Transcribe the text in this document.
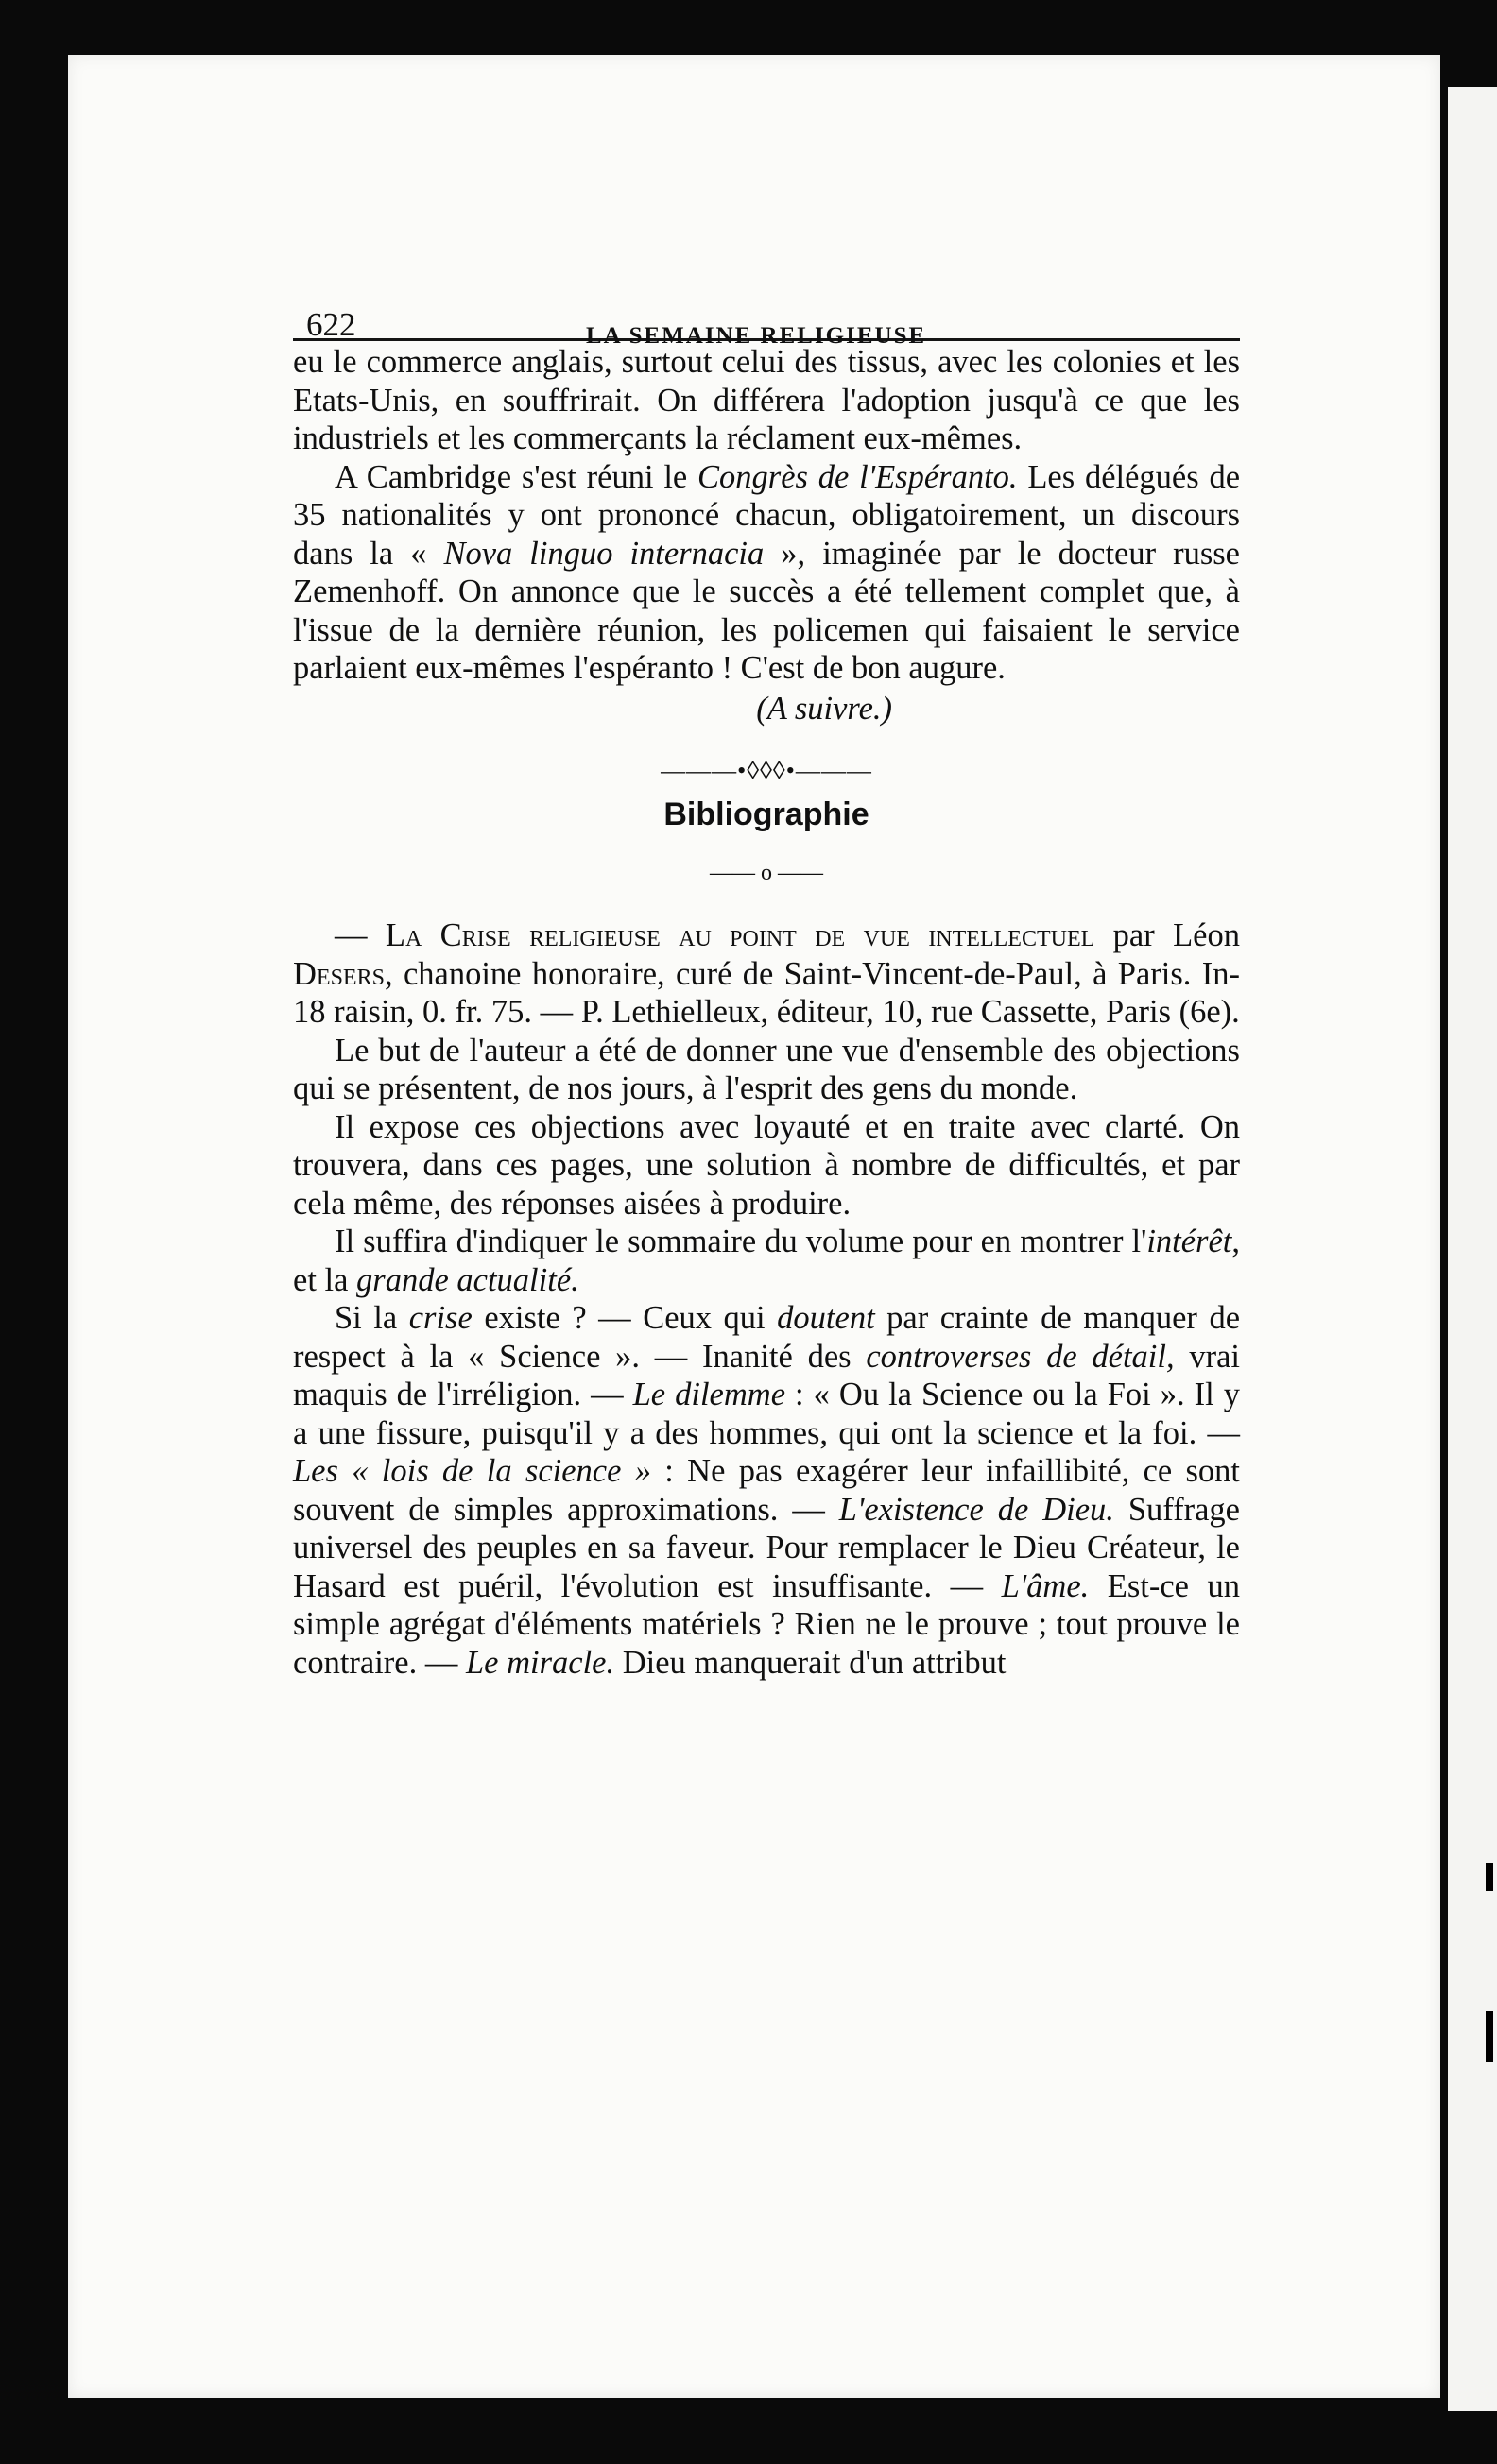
622	LA SEMAINE RELIGIEUSE

eu le commerce anglais, surtout celui des tissus, avec les colonies et les Etats-Unis, en souffrirait. On différera l'adoption jusqu'à ce que les industriels et les commerçants la réclament eux-mêmes.

A Cambridge s'est réuni le Congrès de l'Espéranto. Les délégués de 35 nationalités y ont prononcé chacun, obligatoirement, un discours dans la « Nova linguo internacia », imaginée par le docteur russe Zemenhoff. On annonce que le succès a été tellement complet que, à l'issue de la dernière réunion, les policemen qui faisaient le service parlaient eux-mêmes l'espéranto ! C'est de bon augure.

(A suivre.)

———•◊◊◊•———
Bibliographie
—— o ——

— La Crise religieuse au point de vue intellectuel par Léon Desers, chanoine honoraire, curé de Saint-Vincent-de-Paul, à Paris. In-18 raisin, 0. fr. 75. — P. Lethielleux, éditeur, 10, rue Cassette, Paris (6e).

Le but de l'auteur a été de donner une vue d'ensemble des objections qui se présentent, de nos jours, à l'esprit des gens du monde.

Il expose ces objections avec loyauté et en traite avec clarté. On trouvera, dans ces pages, une solution à nombre de difficultés, et par cela même, des réponses aisées à produire.

Il suffira d'indiquer le sommaire du volume pour en montrer l'intérêt, et la grande actualité.

Si la crise existe ? — Ceux qui doutent par crainte de manquer de respect à la « Science ». — Inanité des controverses de détail, vrai maquis de l'irréligion. — Le dilemme : « Ou la Science ou la Foi ». Il y a une fissure, puisqu'il y a des hommes, qui ont la science et la foi. — Les « lois de la science » : Ne pas exagérer leur infaillibité, ce sont souvent de simples approximations. — L'existence de Dieu. Suffrage universel des peuples en sa faveur. Pour remplacer le Dieu Créateur, le Hasard est puéril, l'évolution est insuffisante. — L'âme. Est-ce un simple agrégat d'éléments matériels ? Rien ne le prouve ; tout prouve le contraire. — Le miracle. Dieu manquerait d'un attribut
